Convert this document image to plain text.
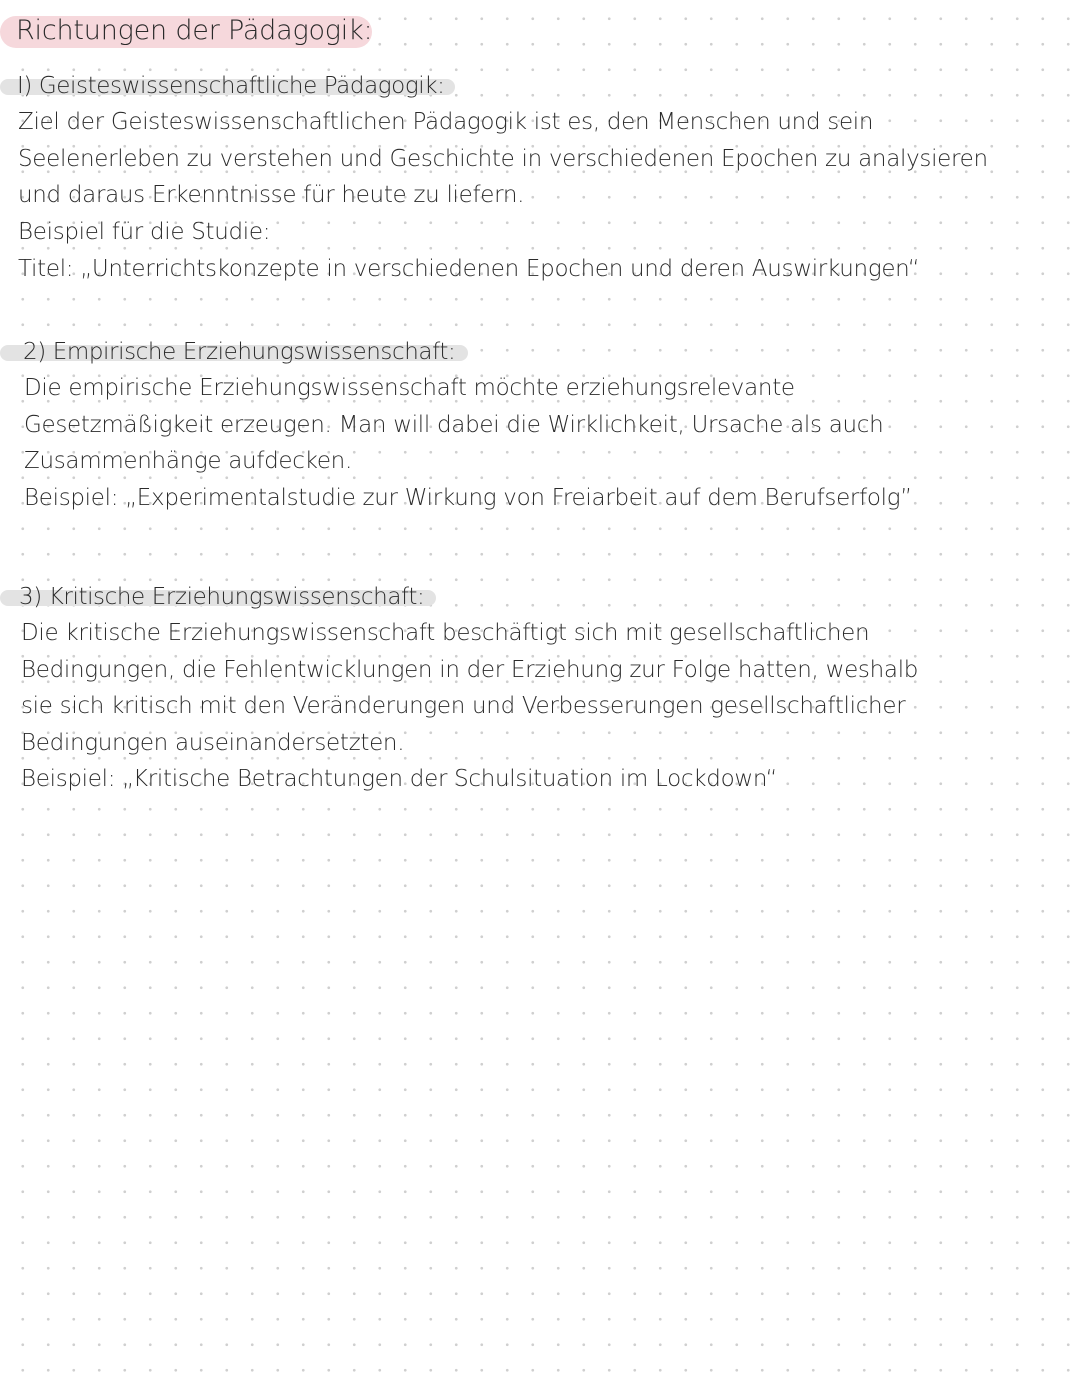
Richtungen der Pädagogik:
I) Geisteswissenschaftliche Pädagogik:

Ziel der Geisteswissenschaftlichen Pädagogik ist es, den Menschen und sein Seelenerleben zu verstehen und Geschichte in verschiedenen Epochen zu analysieren und daraus Erkenntnisse für heute zu liefern.

Beispiel für die Studie:

Titel: „Unterrichtskonzepte in verschiedenen Epochen und deren Auswirkungen“

2) Empirische Erziehungswissenschaft:

Die empirische Erziehungswissenschaft möchte erziehungsrelevante Gesetzmäßigkeit erzeugen. Man will dabei die Wirklichkeit, Ursache als auch Zusammenhänge aufdecken.

Beispiel: „Experimentalstudie zur Wirkung von Freiarbeit auf dem Berufserfolg”

3) Kritische Erziehungswissenschaft:

Die kritische Erziehungswissenschaft beschäftigt sich mit gesellschaftlichen Bedingungen, die Fehlentwicklungen in der Erziehung zur Folge hatten, weshalb sie sich kritisch mit den Veränderungen und Verbesserungen gesellschaftlicher Bedingungen auseinandersetzten.

Beispiel: „Kritische Betrachtungen der Schulsituation im Lockdown“
